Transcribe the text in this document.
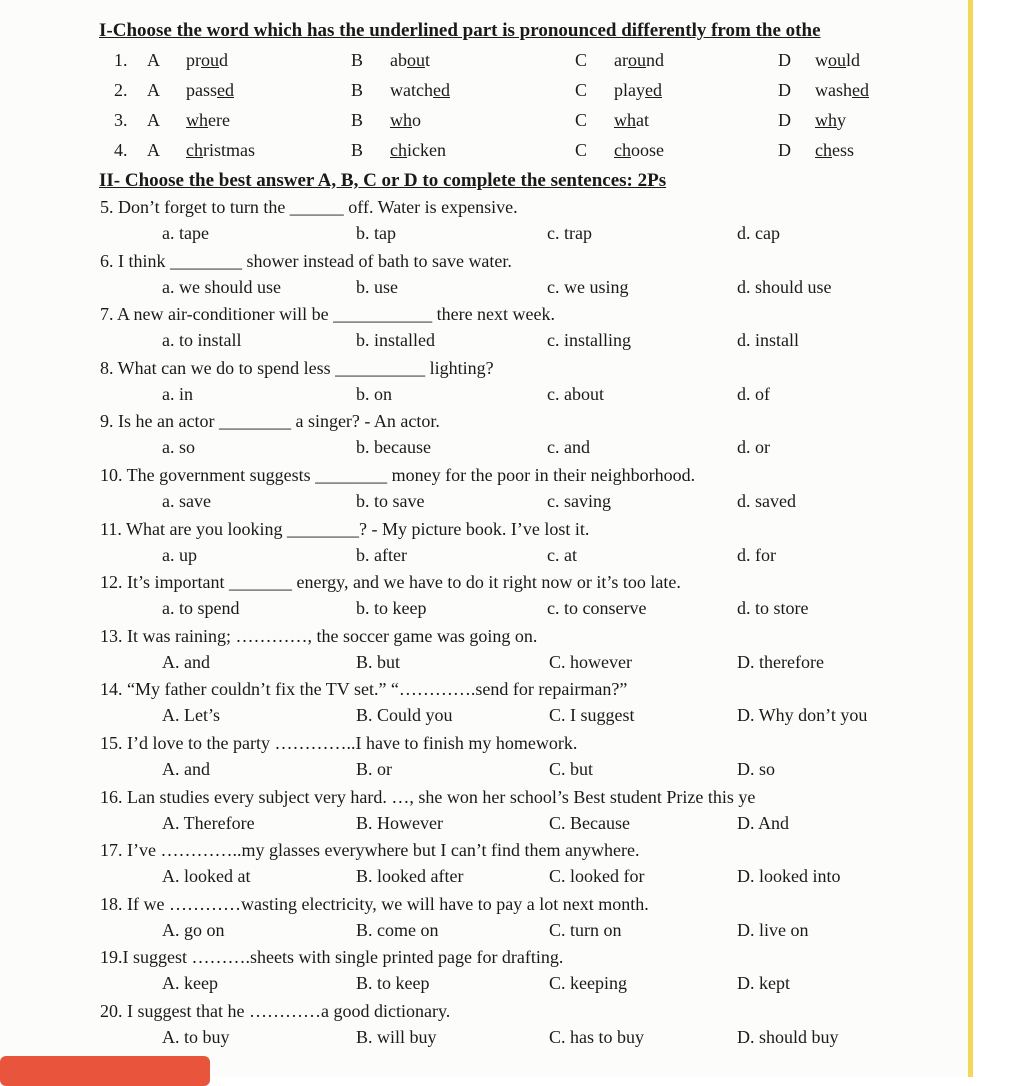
I-Choose the word which has the underlined part is pronounced differently from the othe
1. A proud	B about	C around	D would
2. A passed	B watched	C played	D washed
3. A where	B who	C what	D why
4. A christmas	B chicken	C choose	D chess
II- Choose the best answer A, B, C or D to complete the sentences: 2Ps
5. Don’t forget to turn the ______ off. Water is expensive.
a. tape	b. tap	c. trap	d. cap
6. I think ________ shower instead of bath to save water.
a. we should use	b. use	c. we using	d. should use
7. A new air-conditioner will be ___________ there next week.
a. to install	b. installed	c. installing	d. install
8. What can we do to spend less __________ lighting?
a. in	b. on	c. about	d. of
9. Is he an actor ________ a singer? - An actor.
a. so	b. because	c. and	d. or
10. The government suggests ________ money for the poor in their neighborhood.
a. save	b. to save	c. saving	d. saved
11. What are you looking ________? - My picture book. I’ve lost it.
a. up	b. after	c. at	d. for
12. It’s important _______ energy, and we have to do it right now or it’s too late.
a. to spend	b. to keep	c. to conserve	d. to store
13. It was raining; …………, the soccer game was going on.
A. and	B. but	C. however	D. therefore
14. “My father couldn’t fix the TV set.” “………….send for repairman?”
A. Let’s	B. Could you	C. I suggest	D. Why don’t you
15. I’d love to the party …………..I have to finish my homework.
A. and	B. or	C. but	D. so
16. Lan studies every subject very hard. …, she won her school’s Best student Prize this ye
A. Therefore	B. However	C. Because	D. And
17. I’ve …………..my glasses everywhere but I can’t find them anywhere.
A. looked at	B. looked after	C. looked for	D. looked into
18. If we …………wasting electricity, we will have to pay a lot next month.
A. go on	B. come on	C. turn on	D. live on
19.I suggest ……….sheets with single printed page for drafting.
A. keep	B. to keep	C. keeping	D. kept
20. I suggest that he …………a good dictionary.
A. to buy	B. will buy	C. has to buy	D. should buy
